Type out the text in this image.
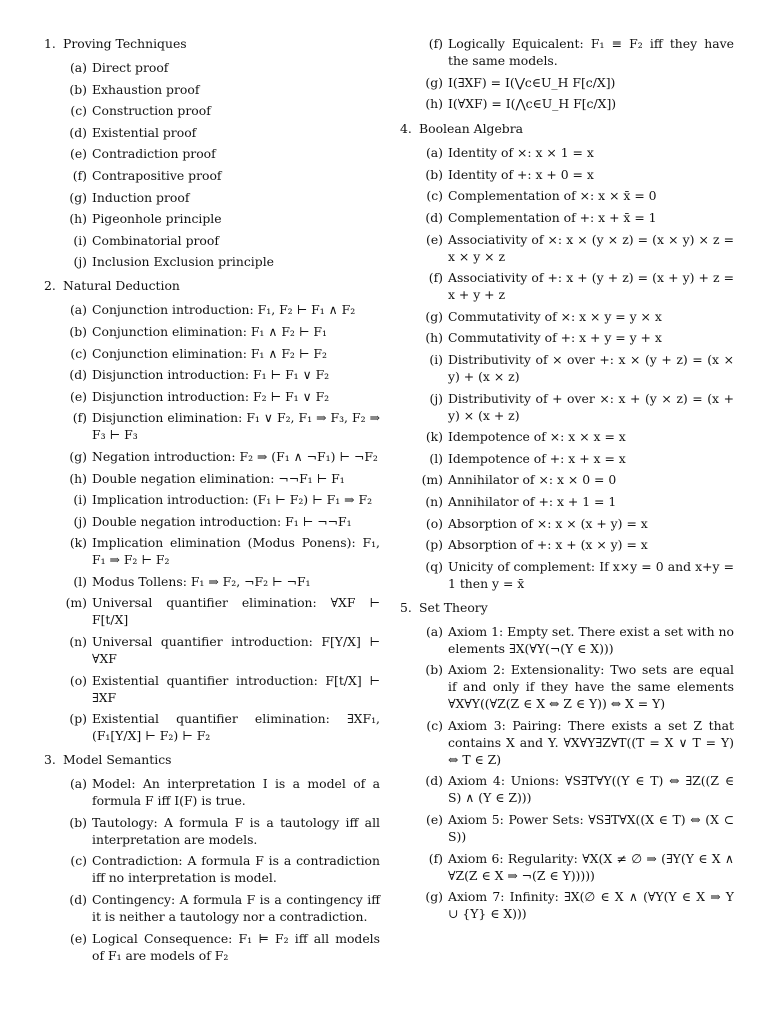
1. Proving Techniques
(a) Direct proof
(b) Exhaustion proof
(c) Construction proof
(d) Existential proof
(e) Contradiction proof
(f) Contrapositive proof
(g) Induction proof
(h) Pigeonhole principle
(i) Combinatorial proof
(j) Inclusion Exclusion principle
2. Natural Deduction
(a) Conjunction introduction: F₁, F₂ ⊢ F₁ ∧ F₂
(b) Conjunction elimination: F₁ ∧ F₂ ⊢ F₁
(c) Conjunction elimination: F₁ ∧ F₂ ⊢ F₂
(d) Disjunction introduction: F₁ ⊢ F₁ ∨ F₂
(e) Disjunction introduction: F₂ ⊢ F₁ ∨ F₂
(f) Disjunction elimination: F₁ ∨ F₂, F₁ ⇒ F₃, F₂ ⇒ F₃ ⊢ F₃
(g) Negation introduction: F₂ ⇒ (F₁ ∧ ¬F₁) ⊢ ¬F₂
(h) Double negation elimination: ¬¬F₁ ⊢ F₁
(i) Implication introduction: (F₁ ⊢ F₂) ⊢ F₁ ⇒ F₂
(j) Double negation introduction: F₁ ⊢ ¬¬F₁
(k) Implication elimination (Modus Ponens): F₁, F₁ ⇒ F₂ ⊢ F₂
(l) Modus Tollens: F₁ ⇒ F₂, ¬F₂ ⊢ ¬F₁
(m) Universal quantifier elimination: ∀XF ⊢ F[t/X]
(n) Universal quantifier introduction: F[Y/X] ⊢ ∀XF
(o) Existential quantifier introduction: F[t/X] ⊢ ∃XF
(p) Existential quantifier elimination: ∃XF₁, (F₁[Y/X] ⊢ F₂) ⊢ F₂
3. Model Semantics
(a) Model: An interpretation I is a model of a formula F iff I(F) is true.
(b) Tautology: A formula F is a tautology iff all interpretation are models.
(c) Contradiction: A formula F is a contradiction iff no interpretation is model.
(d) Contingency: A formula F is a contingency iff it is neither a tautology nor a contradiction.
(e) Logical Consequence: F₁ ⊨ F₂ iff all models of F₁ are models of F₂
(f) Logically Equicalent: F₁ ≡ F₂ iff they have the same models.
(g) I(∃XF) = I(⋁c∈U_H F[c/X])
(h) I(∀XF) = I(⋀c∈U_H F[c/X])
4. Boolean Algebra
(a) Identity of ×: x × 1 = x
(b) Identity of +: x + 0 = x
(c) Complementation of ×: x × x̄ = 0
(d) Complementation of +: x + x̄ = 1
(e) Associativity of ×: x × (y × z) = (x × y) × z = x × y × z
(f) Associativity of +: x + (y + z) = (x + y) + z = x + y + z
(g) Commutativity of ×: x × y = y × x
(h) Commutativity of +: x + y = y + x
(i) Distributivity of × over +: x × (y + z) = (x × y) + (x × z)
(j) Distributivity of + over ×: x + (y × z) = (x + y) × (x + z)
(k) Idempotence of ×: x × x = x
(l) Idempotence of +: x + x = x
(m) Annihilator of ×: x × 0 = 0
(n) Annihilator of +: x + 1 = 1
(o) Absorption of ×: x × (x + y) = x
(p) Absorption of +: x + (x × y) = x
(q) Unicity of complement: If x×y = 0 and x+y = 1 then y = x̄
5. Set Theory
(a) Axiom 1: Empty set. There exist a set with no elements ∃X(∀Y(¬(Y ∈ X)))
(b) Axiom 2: Extensionality: Two sets are equal if and only if they have the same elements ∀X∀Y((∀Z(Z ∈ X ⇔ Z ∈ Y)) ⇔ X = Y)
(c) Axiom 3: Pairing: There exists a set Z that contains X and Y. ∀X∀Y∃Z∀T((T = X ∨ T = Y) ⇔ T ∈ Z)
(d) Axiom 4: Unions: ∀S∃T∀Y((Y ∈ T) ⇔ ∃Z((Z ∈ S) ∧ (Y ∈ Z)))
(e) Axiom 5: Power Sets: ∀S∃T∀X((X ∈ T) ⇔ (X ⊂ S))
(f) Axiom 6: Regularity: ∀X(X ≠ ∅ ⇒ (∃Y(Y ∈ X ∧ ∀Z(Z ∈ X ⇒ ¬(Z ∈ Y)))))
(g) Axiom 7: Infinity: ∃X(∅ ∈ X ∧ (∀Y(Y ∈ X ⇒ Y ∪ {Y} ∈ X)))
